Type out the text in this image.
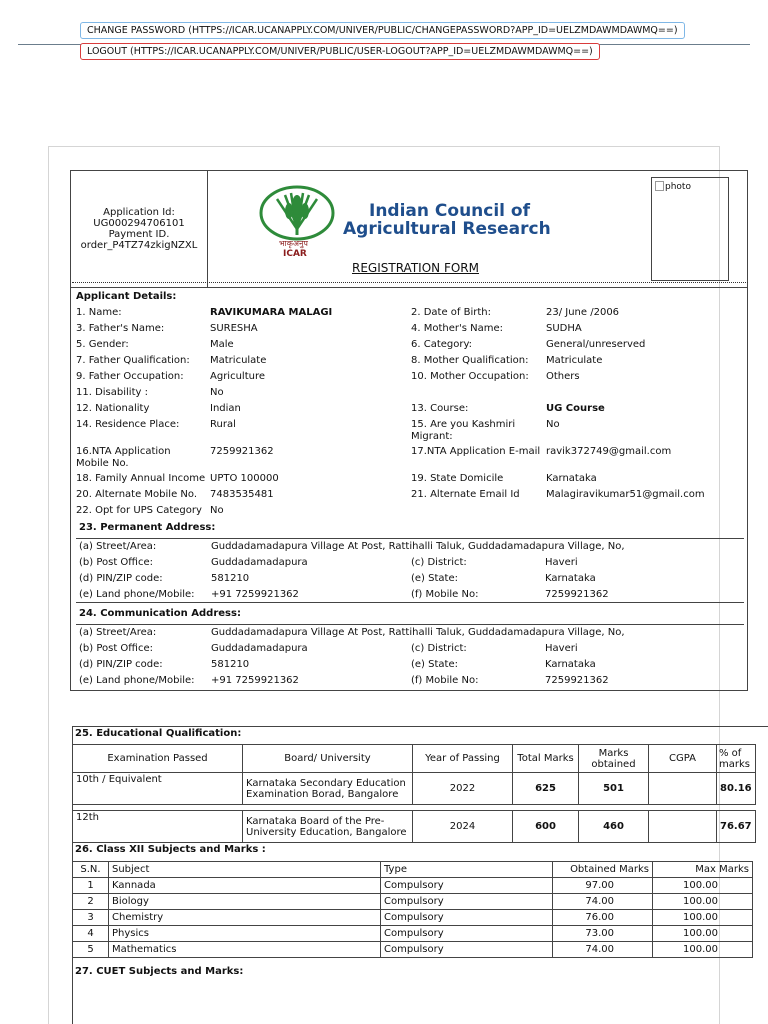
CHANGE PASSWORD (HTTPS://ICAR.UCANAPPLY.COM/UNIVER/PUBLIC/CHANGEPASSWORD?APP_ID=UELZMDAWMDAWMQ==)
LOGOUT (HTTPS://ICAR.UCANAPPLY.COM/UNIVER/PUBLIC/USER-LOGOUT?APP_ID=UELZMDAWMDAWMQ==)
Application Id:
UG000294706101
Payment ID.
order_P4TZ74zkigNZXL	भाकृअनुप
ICAR
Indian Council of
Agricultural Research
REGISTRATION FORM
photo
Applicant Details:
1. Name:	RAVIKUMARA MALAGI	2. Date of Birth:	23/ June /2006
3. Father's Name:	SURESHA	4. Mother's Name:	SUDHA
5. Gender:	Male	6. Category:	General/unreserved
7. Father Qualification:	Matriculate	8. Mother Qualification:	Matriculate
9. Father Occupation:	Agriculture	10. Mother Occupation:	Others
11. Disability :	No
12. Nationality	Indian	13. Course:	UG Course
14. Residence Place:	Rural	15. Are you Kashmiri Migrant:
No
16.NTA Application Mobile No.
7259921362	17.NTA Application E-mail ravik372749@gmail.com
18. Family Annual Income UPTO 100000	19. State Domicile	Karnataka
20. Alternate Mobile No.	7483535481	21. Alternate Email Id	Malagiravikumar51@gmail.com
22. Opt for UPS Category No
23. Permanent Address:
(a) Street/Area:	Guddadamadapura Village At Post, Rattihalli Taluk, Guddadamadapura Village, No,
(b) Post Office:	Guddadamadapura	(c) District:	Haveri
(d) PIN/ZIP code:	581210	(e) State:	Karnataka
(e) Land phone/Mobile: +91 7259921362	(f) Mobile No:	7259921362
24. Communication Address:
(a) Street/Area:	Guddadamadapura Village At Post, Rattihalli Taluk, Guddadamadapura Village, No,
(b) Post Office:	Guddadamadapura	(c) District:	Haveri
(d) PIN/ZIP code:	581210	(e) State:	Karnataka
(e) Land phone/Mobile: +91 7259921362	(f) Mobile No:	7259921362
25. Educational Qualification:
Examination Passed	Board/ University	Year of Passing	Total Marks	Marks obtained	CGPA	% of marks
10th / Equivalent	Karnataka Secondary Education Examination Borad, Bangalore	2022	625	501		80.16

12th	Karnataka Board of the Pre-University Education, Bangalore	2024	600	460		76.67
26. Class XII Subjects and Marks :
S.N.	Subject	Type	Obtained Marks	Max Marks
1	Kannada	Compulsory	97.00	100.00
2	Biology	Compulsory	74.00	100.00
3	Chemistry	Compulsory	76.00	100.00
4	Physics	Compulsory	73.00	100.00
5	Mathematics	Compulsory	74.00	100.00
27. CUET Subjects and Marks:
